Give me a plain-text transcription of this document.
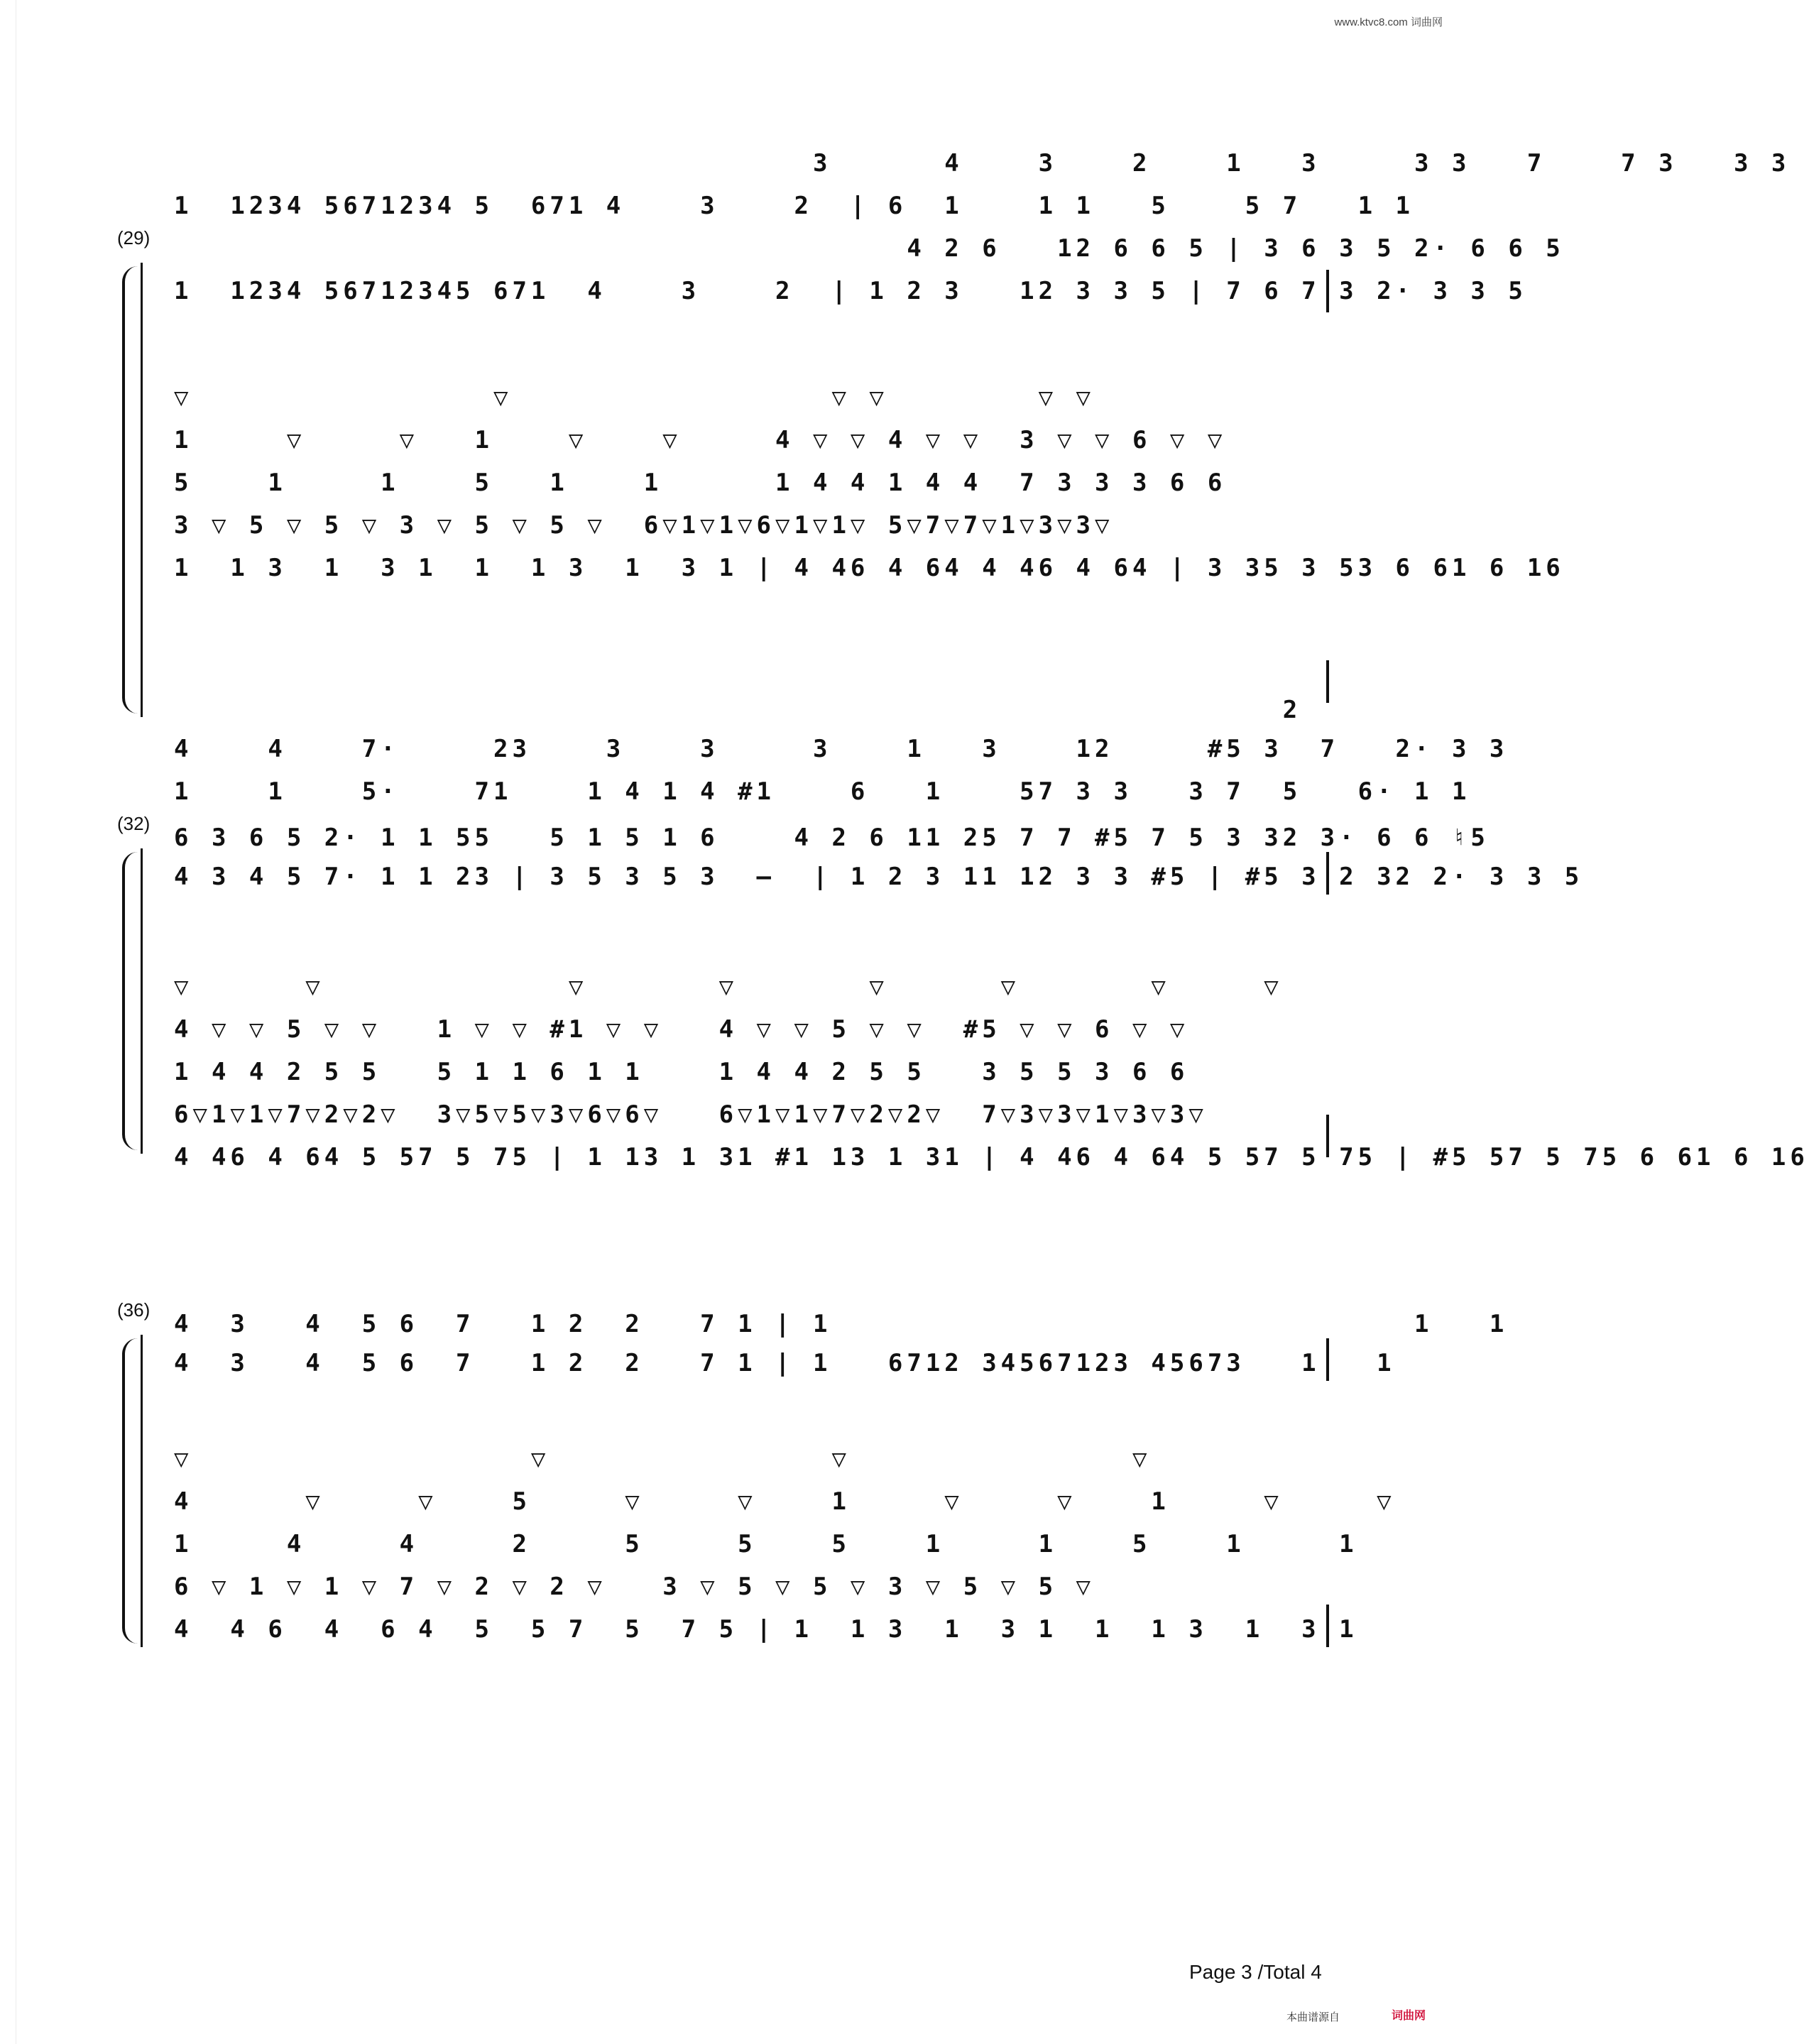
www.ktvc8.com 词曲网
(29)
3      4    3    2    1   3     3 3   7    7 3   3 3
1  1234 5671234 5  671 4    3    2  | 6  1    1 1   5    5 7   1 1
4 2 6   12 6 6 5 | 3 6 3 5 2· 6 6 5
1  1234 56712345 671  4    3    2  | 1 2 3   12 3 3 5 | 7 6 7 3 2· 3 3 5
▽                ▽                 ▽ ▽        ▽ ▽
1     ▽     ▽   1    ▽    ▽     4 ▽ ▽ 4 ▽ ▽  3 ▽ ▽ 6 ▽ ▽
5    1     1    5   1    1      1 4 4 1 4 4  7 3 3 3 6 6
3 ▽ 5 ▽ 5 ▽ 3 ▽ 5 ▽ 5 ▽  6▽1▽1▽6▽1▽1▽ 5▽7▽7▽1▽3▽3▽
1  1 3  1  3 1  1  1 3  1  3 1 | 4 46 4 64 4 46 4 64 | 3 35 3 53 6 61 6 16
(32)
2
4    4    7·     23    3    3     3    1   3    12     #5 3  7   2· 3 3
1    1    5·    71    1 4 1 4 #1    6   1    57 3 3   3 7  5   6· 1 1
6 3 6 5 2· 1 1 55   5 1 5 1 6    4 2 6 11 25 7 7 #5 7 5 3 32 3· 6 6 ♮5
4 3 4 5 7· 1 1 23 | 3 5 3 5 3  –  | 1 2 3 11 12 3 3 #5 | #5 3 2 32 2· 3 3 5
▽      ▽             ▽       ▽       ▽      ▽       ▽     ▽
4 ▽ ▽ 5 ▽ ▽   1 ▽ ▽ #1 ▽ ▽   4 ▽ ▽ 5 ▽ ▽  #5 ▽ ▽ 6 ▽ ▽
1 4 4 2 5 5   5 1 1 6 1 1    1 4 4 2 5 5   3 5 5 3 6 6
6▽1▽1▽7▽2▽2▽  3▽5▽5▽3▽6▽6▽   6▽1▽1▽7▽2▽2▽  7▽3▽3▽1▽3▽3▽
4 46 4 64 5 57 5 75 | 1 13 1 31 #1 13 1 31 | 4 46 4 64 5 57 5 75 | #5 57 5 75 6 61 6 16
(36) 4  3   4  5 6  7   1 2  2   7 1 | 1                               1   1
4  3   4  5 6  7   1 2  2   7 1 | 1   6712 34567123 45673   1   1
▽                  ▽               ▽               ▽
4      ▽     ▽    5     ▽     ▽    1     ▽     ▽    1     ▽     ▽
1     4     4     2     5     5    5    1     1    5    1     1
6 ▽ 1 ▽ 1 ▽ 7 ▽ 2 ▽ 2 ▽   3 ▽ 5 ▽ 5 ▽ 3 ▽ 5 ▽ 5 ▽
4  4 6  4  6 4  5  5 7  5  7 5 | 1  1 3  1  3 1  1  1 3  1  3 1
Page 3 /Total 4
本曲谱源自	词曲网
